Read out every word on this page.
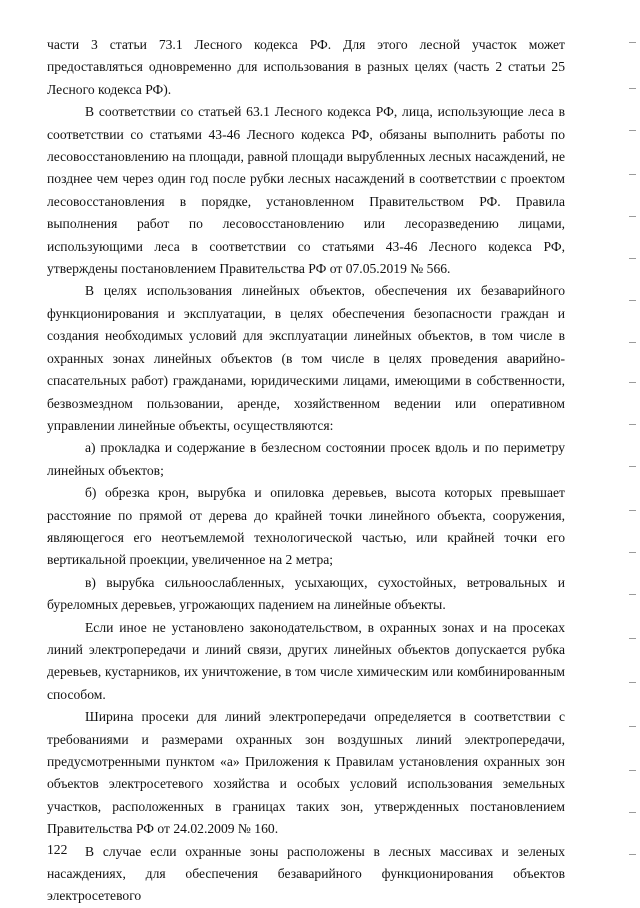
части 3 статьи 73.1 Лесного кодекса РФ. Для этого лесной участок может предоставляться одновременно для использования в разных целях (часть 2 статьи 25 Лесного кодекса РФ).

В соответствии со статьей 63.1 Лесного кодекса РФ, лица, использующие леса в соответствии со статьями 43-46 Лесного кодекса РФ, обязаны выполнить работы по лесовосстановлению на площади, равной площади вырубленных лесных насаждений, не позднее чем через один год после рубки лесных насаждений в соответствии с проектом лесовосстановления в порядке, установленном Правительством РФ. Правила выполнения работ по лесовосстановлению или лесоразведению лицами, использующими леса в соответствии со статьями 43-46 Лесного кодекса РФ, утверждены постановлением Правительства РФ от 07.05.2019 № 566.

В целях использования линейных объектов, обеспечения их безаварийного функционирования и эксплуатации, в целях обеспечения безопасности граждан и создания необходимых условий для эксплуатации линейных объектов, в том числе в охранных зонах линейных объектов (в том числе в целях проведения аварийно-спасательных работ) гражданами, юридическими лицами, имеющими в собственности, безвозмездном пользовании, аренде, хозяйственном ведении или оперативном управлении линейные объекты, осуществляются:

а) прокладка и содержание в безлесном состоянии просек вдоль и по периметру линейных объектов;

б) обрезка крон, вырубка и опиловка деревьев, высота которых превышает расстояние по прямой от дерева до крайней точки линейного объекта, сооружения, являющегося его неотъемлемой технологической частью, или крайней точки его вертикальной проекции, увеличенное на 2 метра;

в) вырубка сильноослабленных, усыхающих, сухостойных, ветровальных и буреломных деревьев, угрожающих падением на линейные объекты.

Если иное не установлено законодательством, в охранных зонах и на просеках линий электропередачи и линий связи, других линейных объектов допускается рубка деревьев, кустарников, их уничтожение, в том числе химическим или комбинированным способом.

Ширина просеки для линий электропередачи определяется в соответствии с требованиями и размерами охранных зон воздушных линий электропередачи, предусмотренными пунктом «а» Приложения к Правилам установления охранных зон объектов электросетевого хозяйства и особых условий использования земельных участков, расположенных в границах таких зон, утвержденных постановлением Правительства РФ от 24.02.2009 № 160.

В случае если охранные зоны расположены в лесных массивах и зеленых насаждениях, для обеспечения безаварийного функционирования объектов электросетевого

122
